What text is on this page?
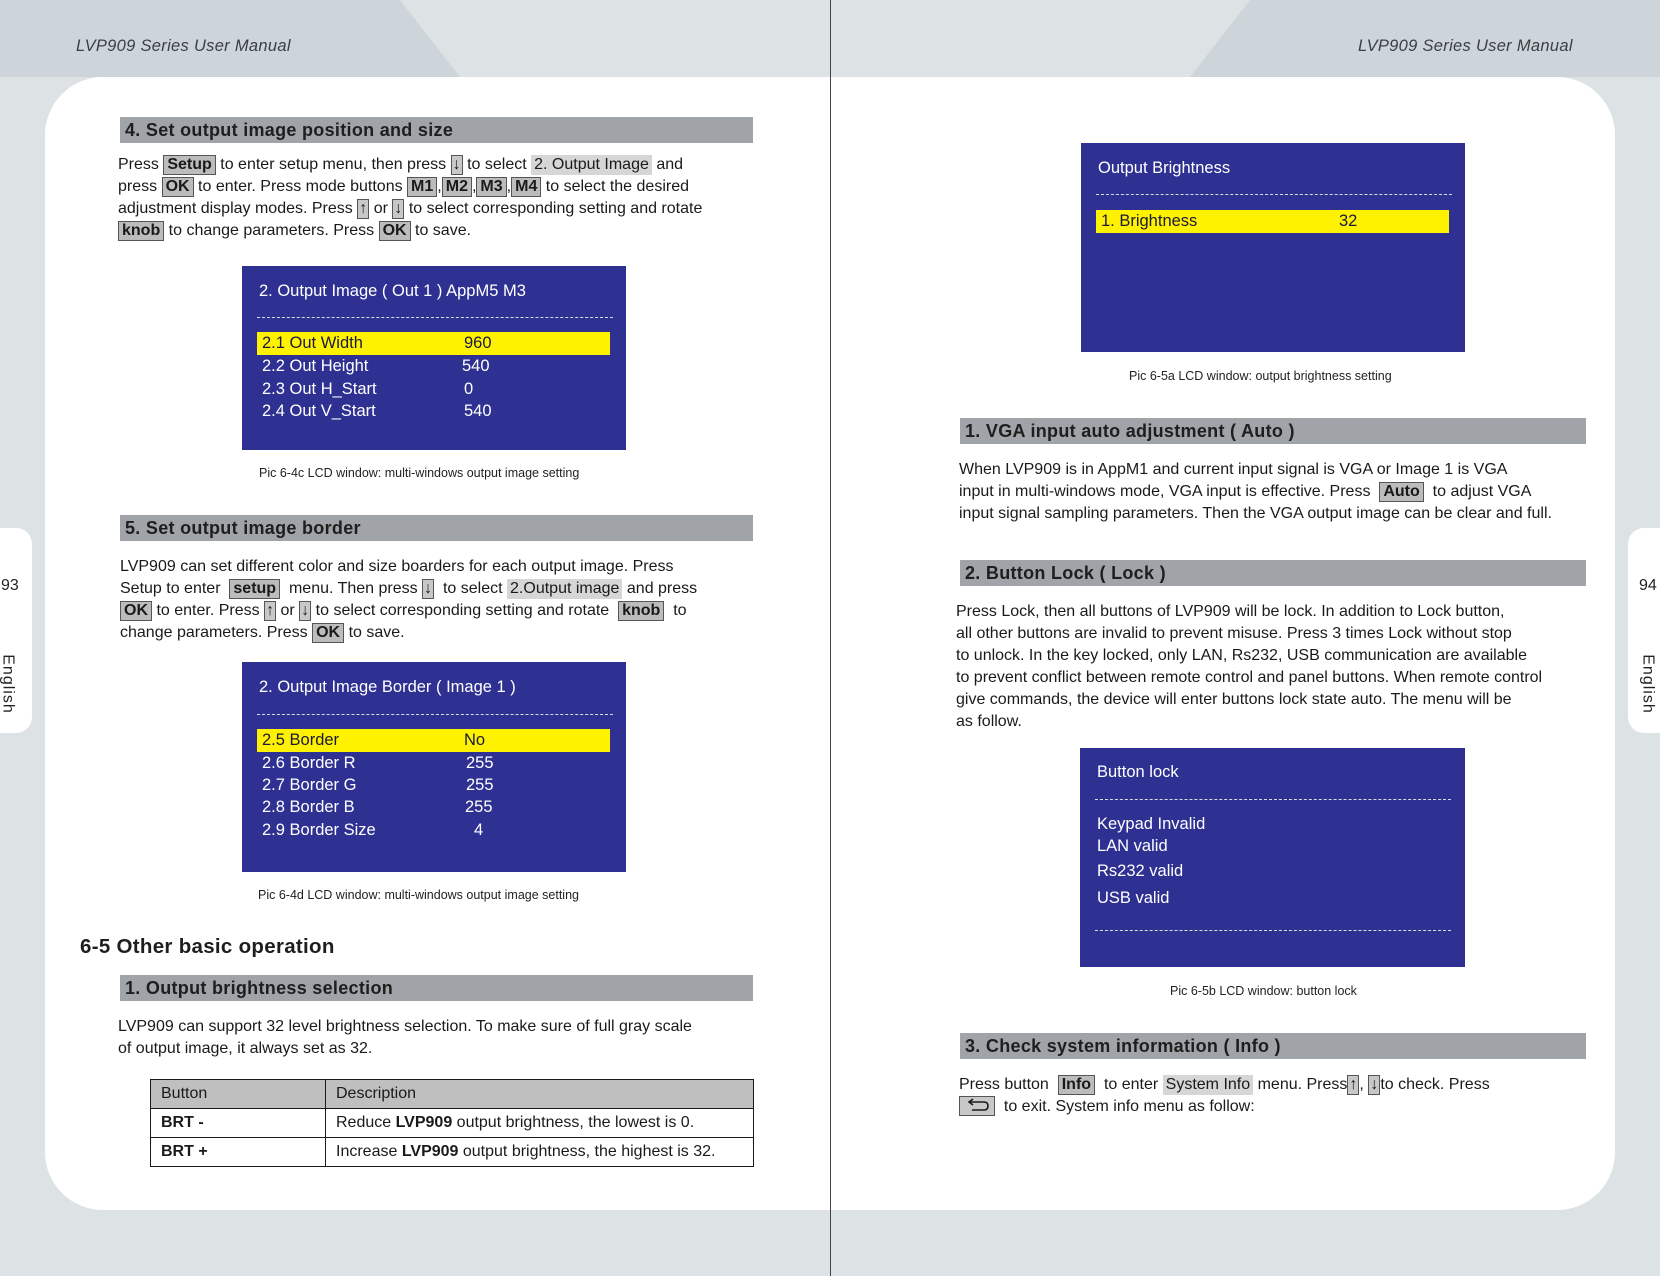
LVP909 Series User Manual	LVP909 Series User Manual
93	94
English	English
4. Set output image position and size

Press Setup to enter setup menu, then press ↓ to select 2. Output Image and

press OK to enter. Press mode buttons M1 , M2 , M3 , M4 to select the desired

adjustment display modes. Press ↑ or ↓ to select corresponding setting and rotate

knob to change parameters. Press OK to save.

2. Output Image ( Out 1 ) AppM5 M3
2.1 Out Width	960
2.2 Out Height	540
2.3 Out H_Start	0
2.4 Out V_Start	540
Pic 6-4c LCD window: multi-windows output image setting
5. Set output image border

LVP909 can set different color and size boarders for each output image. Press

Setup to enter setup menu. Then press ↓ to select 2.Output image and press

OK to enter. Press ↑ or ↓ to select corresponding setting and rotate knob to

change parameters. Press OK to save.

2. Output Image Border ( Image 1 )
2.5 Border	No
2.6 Border R	255
2.7 Border G	255
2.8 Border B	255
2.9 Border Size	4
Pic 6-4d LCD window: multi-windows output image setting
6-5 Other basic operation
1. Output brightness selection

LVP909 can support 32 level brightness selection. To make sure of full gray scale

of output image, it always set as 32.

Button	Description
BRT -	Reduce LVP909 output brightness, the lowest is 0.
BRT +	Increase LVP909 output brightness, the highest is 32.
Output Brightness
1. Brightness	32
Pic 6-5a LCD window: output brightness setting
1. VGA input auto adjustment ( Auto )

When LVP909 is in AppM1 and current input signal is VGA or Image 1 is VGA

input in multi-windows mode, VGA input is effective. Press Auto to adjust VGA

input signal sampling parameters. Then the VGA output image can be clear and full.

2. Button Lock ( Lock )

Press Lock, then all buttons of LVP909 will be lock. In addition to Lock button,

all other buttons are invalid to prevent misuse. Press 3 times Lock without stop

to unlock. In the key locked, only LAN, Rs232, USB communication are available

to prevent conflict between remote control and panel buttons. When remote control

give commands, the device will enter buttons lock state auto. The menu will be

as follow.

Button lock
Keypad Invalid
LAN valid
Rs232 valid
USB valid
Pic 6-5b LCD window: button lock
3. Check system information ( Info )

Press button Info to enter System Info menu. Press ↑ , ↓ to check. Press

to exit. System info menu as follow:
